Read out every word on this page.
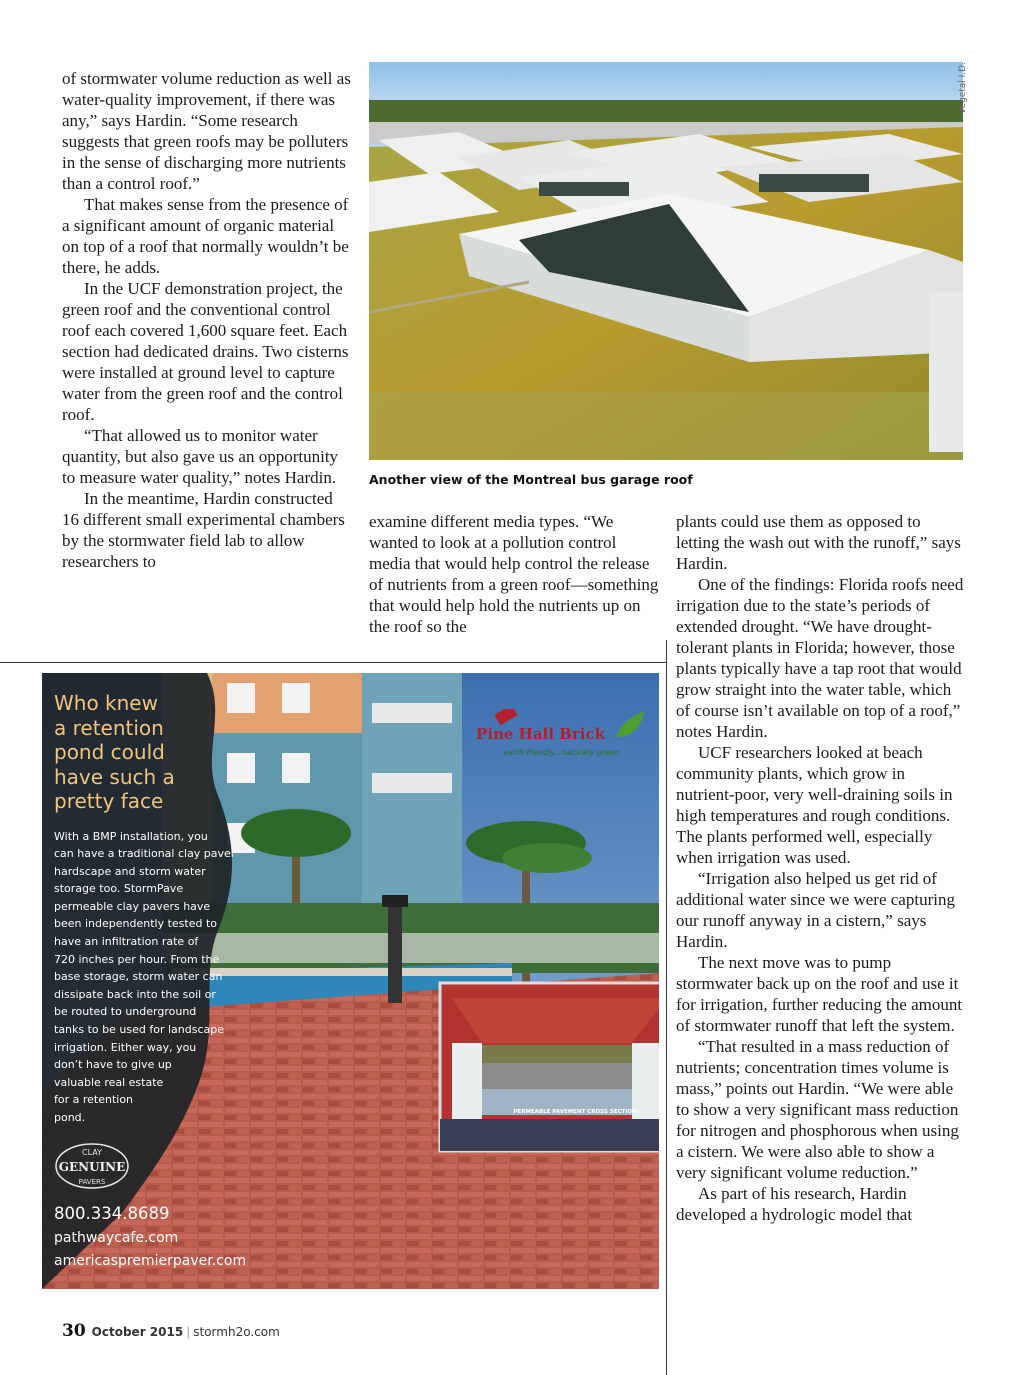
of stormwater volume reduction as well as water-quality improvement, if there was any,” says Hardin. “Some research suggests that green roofs may be polluters in the sense of discharging more nutrients than a control roof.”

That makes sense from the presence of a significant amount of organic material on top of a roof that normally wouldn’t be there, he adds.

In the UCF demonstration project, the green roof and the conventional control roof each covered 1,600 square feet. Each section had dedicated drains. Two cisterns were installed at ground level to capture water from the green roof and the control roof.

“That allowed us to monitor water quantity, but also gave us an opportunity to measure water quality,” notes Hardin.

In the meantime, Hardin constructed 16 different small experimental chambers by the stormwater field lab to allow researchers to

Vegetal I.D.
Another view of the Montreal bus garage roof

examine different media types. “We wanted to look at a pollution control media that would help control the release of nutrients from a green roof—something that would help hold the nutrients up on the roof so the

plants could use them as opposed to letting the wash out with the runoff,” says Hardin.

One of the findings: Florida roofs need irrigation due to the state’s periods of extended drought. “We have drought-tolerant plants in Florida; however, those plants typically have a tap root that would grow straight into the water table, which of course isn’t available on top of a roof,” notes Hardin.

UCF researchers looked at beach community plants, which grow in nutrient-poor, very well-draining soils in high temperatures and rough conditions. The plants performed well, especially when irrigation was used.

“Irrigation also helped us get rid of additional water since we were capturing our runoff anyway in a cistern,” says Hardin.

The next move was to pump stormwater back up on the roof and use it for irrigation, further reducing the amount of stormwater runoff that left the system.

“That resulted in a mass reduction of nutrients; concentration times volume is mass,” points out Hardin. “We were able to show a very significant mass reduction for nitrogen and phosphorous when using a cistern. We were also able to show a very significant volume reduction.”

As part of his research, Hardin developed a hydrologic model that

Who knew
a retention
pond could
have such a
pretty face
With a BMP installation, you
can have a traditional clay paver
hardscape and storm water
storage too. StormPave
permeable clay pavers have
been independently tested to
have an infiltration rate of
720 inches per hour. From the
base storage, storm water can
dissipate back into the soil or
be routed to underground
tanks to be used for landscape
irrigation. Either way, you
don’t have to give up
valuable real estate
for a retention
pond.
CLAY
GENUINE
PAVERS
800.334.8689
pathwaycafe.com
americaspremierpaver.com
Pine Hall Brick
earth friendly...naturally green
PERMEABLE PAVEMENT CROSS SECTION
30 October 2015 | stormh2o.com
